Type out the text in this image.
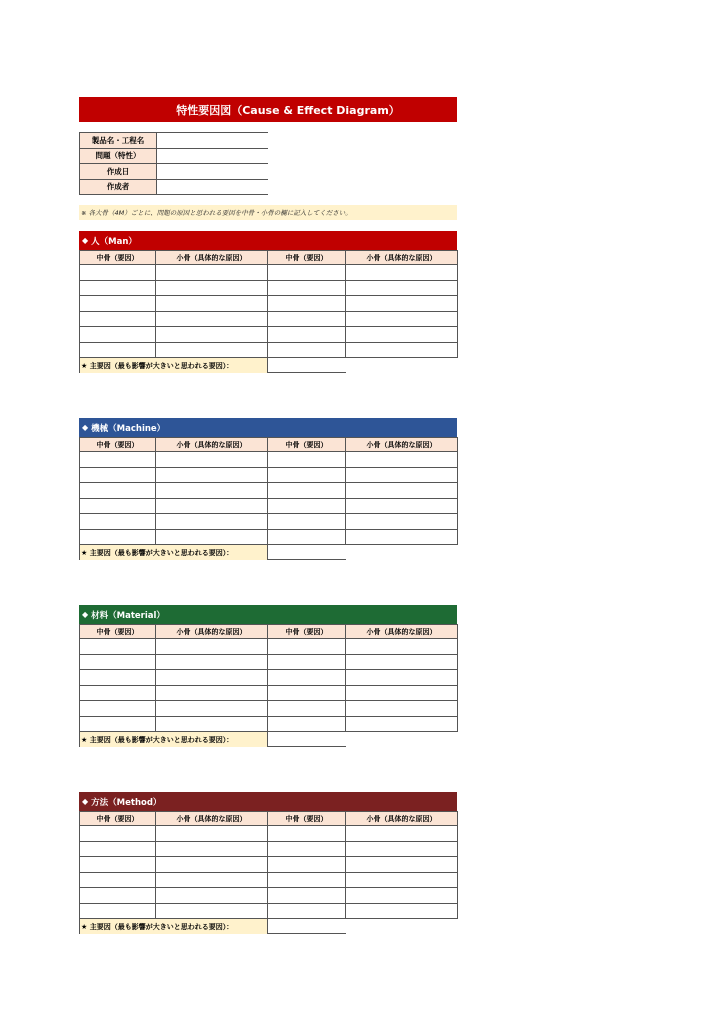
特性要因図（Cause & Effect Diagram）
製品名・工程名	
問題（特性）	
作成日	
作成者	
※ 各大骨（4M）ごとに、問題の原因と思われる要因を中骨・小骨の欄に記入してください。
◆ 人（Man）
中骨（要因）	小骨（具体的な原因）	中骨（要因）	小骨（具体的な原因）

★ 主要因（最も影響が大きいと思われる要因）：
◆ 機械（Machine）
中骨（要因）	小骨（具体的な原因）	中骨（要因）	小骨（具体的な原因）

★ 主要因（最も影響が大きいと思われる要因）：
◆ 材料（Material）
中骨（要因）	小骨（具体的な原因）	中骨（要因）	小骨（具体的な原因）

★ 主要因（最も影響が大きいと思われる要因）：
◆ 方法（Method）
中骨（要因）	小骨（具体的な原因）	中骨（要因）	小骨（具体的な原因）

★ 主要因（最も影響が大きいと思われる要因）：
